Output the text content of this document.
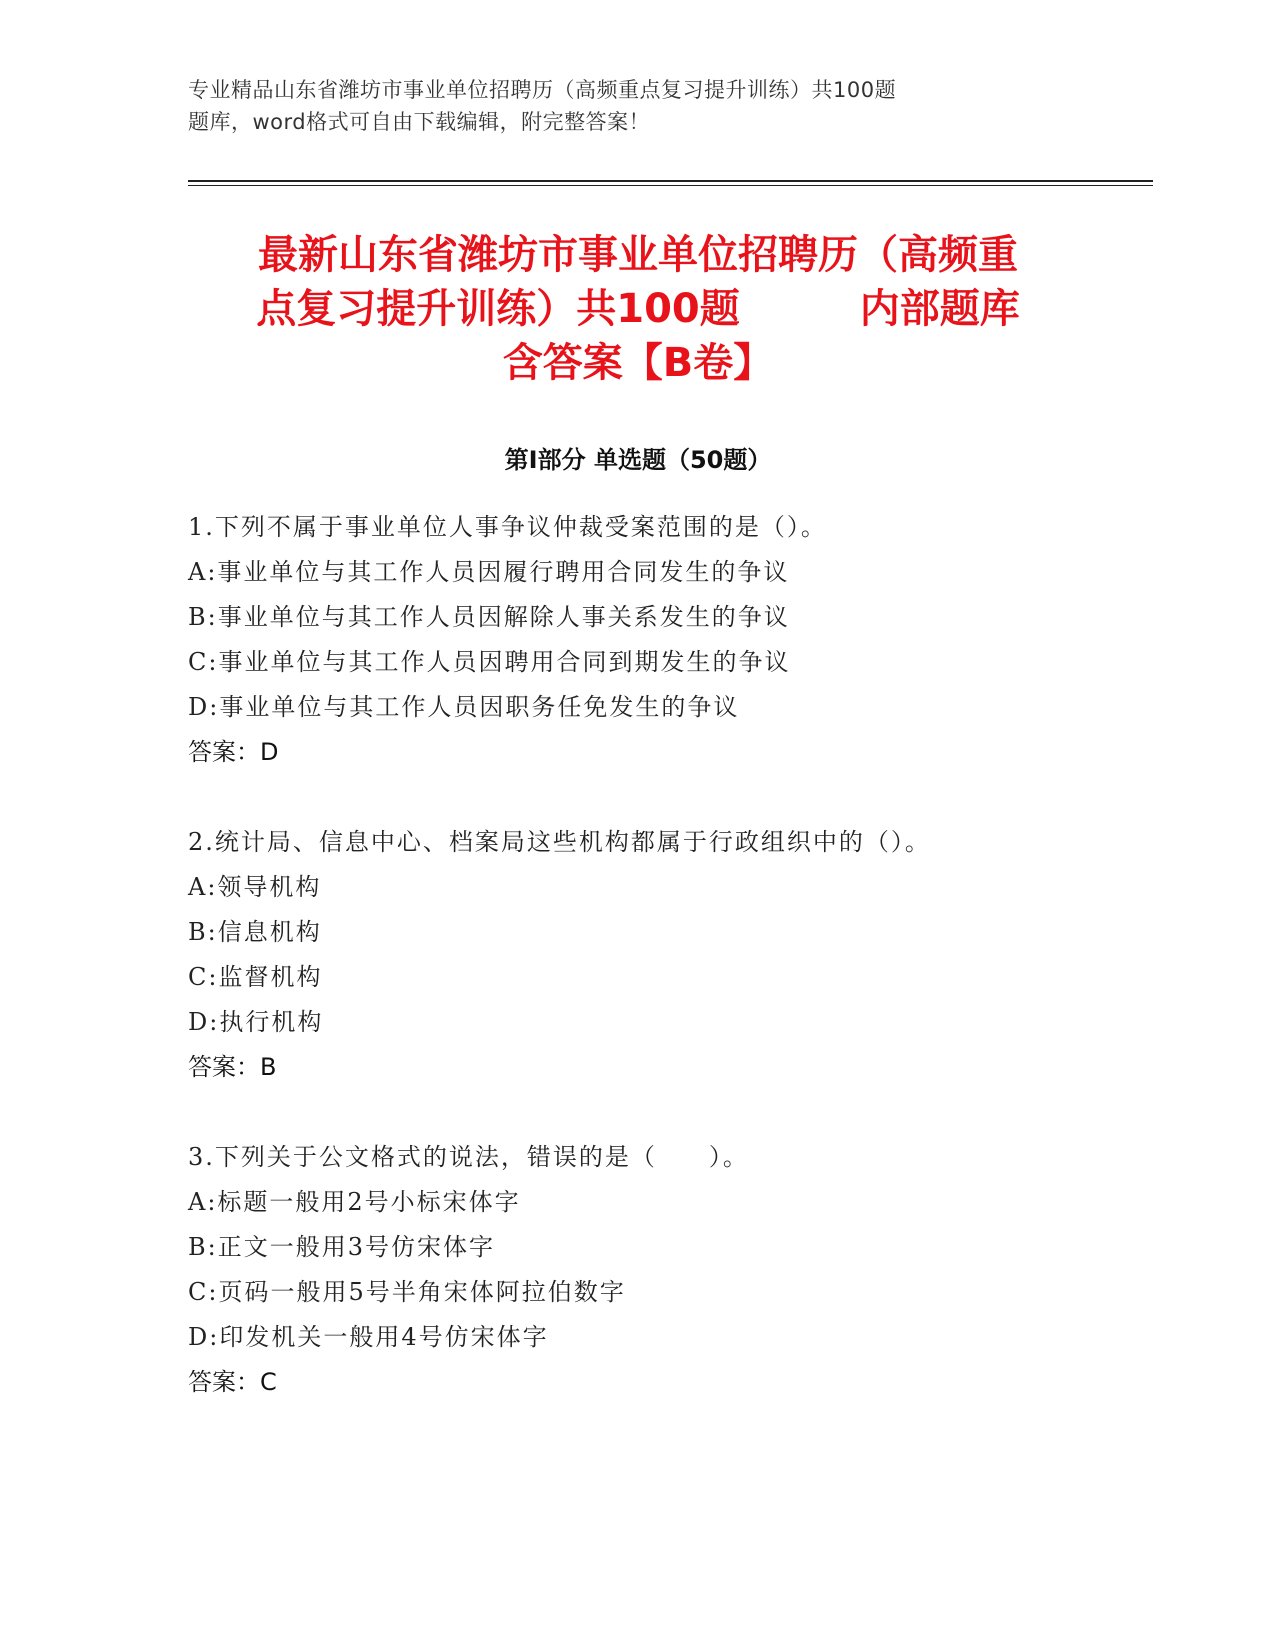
专业精品山东省潍坊市事业单位招聘历（高频重点复习提升训练）共100题
题库，word格式可自由下载编辑，附完整答案！
最新山东省潍坊市事业单位招聘历（高频重
点复习提升训练）共100题　　　内部题库
含答案【B卷】
第Ⅰ部分 单选题（50题）
1.下列不属于事业单位人事争议仲裁受案范围的是（）。
A:事业单位与其工作人员因履行聘用合同发生的争议
B:事业单位与其工作人员因解除人事关系发生的争议
C:事业单位与其工作人员因聘用合同到期发生的争议
D:事业单位与其工作人员因职务任免发生的争议
答案：D
2.统计局、信息中心、档案局这些机构都属于行政组织中的（）。
A:领导机构
B:信息机构
C:监督机构
D:执行机构
答案：B
3.下列关于公文格式的说法，错误的是（　　）。
A:标题一般用2号小标宋体字
B:正文一般用3号仿宋体字
C:页码一般用5号半角宋体阿拉伯数字
D:印发机关一般用4号仿宋体字
答案：C
